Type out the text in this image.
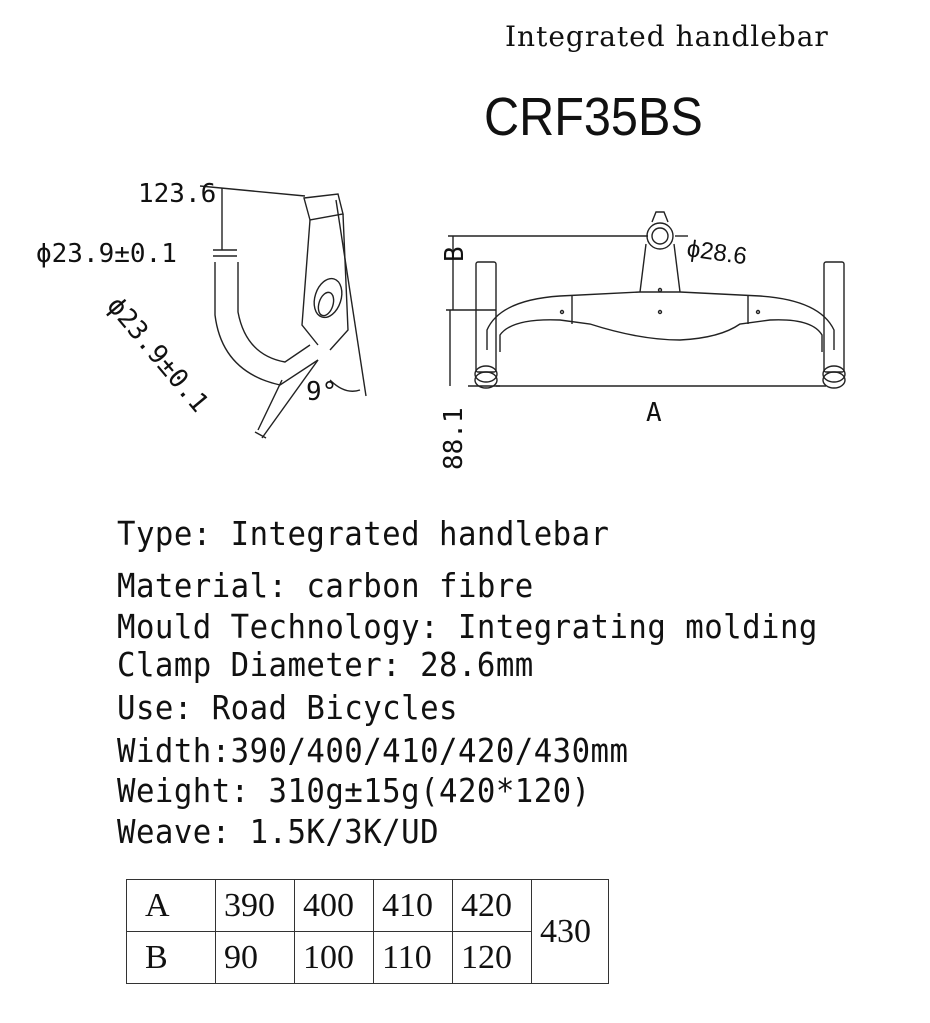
Integrated handlebar
CRF35BS
123.6
ϕ23.9±0.1
ϕ23.9±0.1	9°
ϕ28.6
B
88.1	A
Type: Integrated handlebar
Material: carbon fibre
Mould Technology: Integrating molding
Clamp Diameter: 28.6mm
Use: Road Bicycles
Width:390/400/410/420/430mm
Weight: 310g±15g(420*120)
Weave: 1.5K/3K/UD
A	390	400	410	420	430
B	90	100	110	120	
